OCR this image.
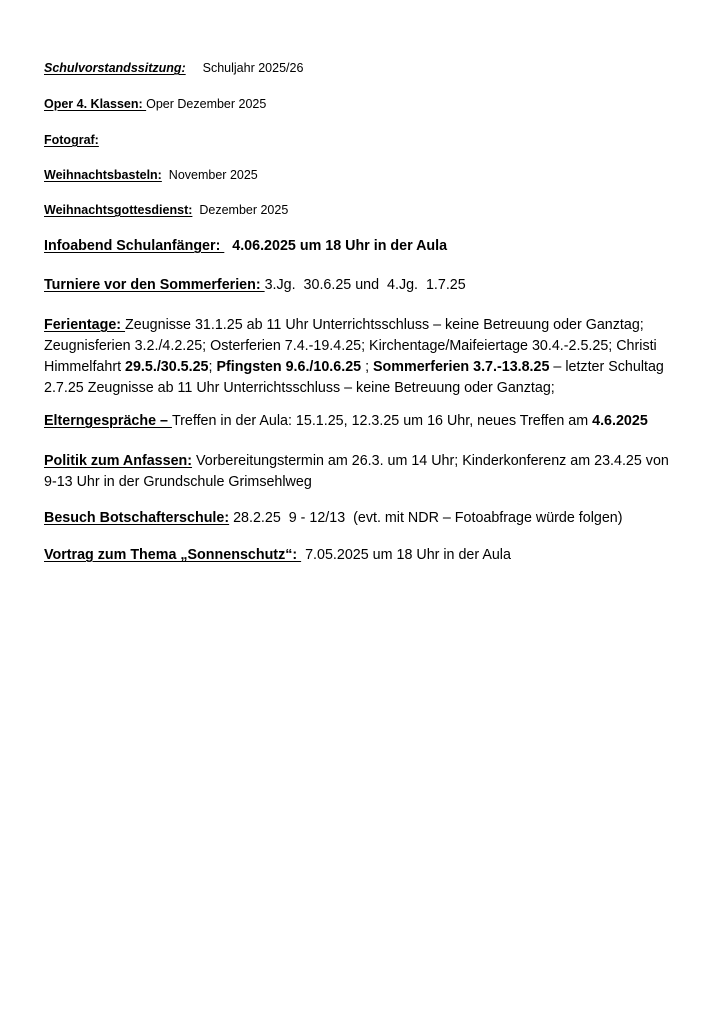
Schulvorstandssitzung: Schuljahr 2025/26
Oper 4. Klassen: Oper Dezember 2025
Fotograf:
Weihnachtsbasteln:  November 2025
Weihnachtsgottesdienst:  Dezember 2025
Infoabend Schulanfänger:   4.06.2025 um 18 Uhr in der Aula
Turniere vor den Sommerferien: 3.Jg.  30.6.25 und  4.Jg.  1.7.25
Ferientage: Zeugnisse 31.1.25 ab 11 Uhr Unterrichtsschluss – keine Betreuung oder Ganztag; Zeugnisferien 3.2./4.2.25; Osterferien 7.4.-19.4.25; Kirchentage/Maifeiertage 30.4.-2.5.25; Christi Himmelfahrt 29.5./30.5.25; Pfingsten 9.6./10.6.25 ; Sommerferien 3.7.-13.8.25 – letzter Schultag 2.7.25 Zeugnisse ab 11 Uhr Unterrichtsschluss – keine Betreuung oder Ganztag;
Elterngespräche – Treffen in der Aula: 15.1.25, 12.3.25 um 16 Uhr, neues Treffen am 4.6.2025
Politik zum Anfassen: Vorbereitungstermin am 26.3. um 14 Uhr; Kinderkonferenz am 23.4.25 von 9-13 Uhr in der Grundschule Grimsehlweg
Besuch Botschafterschule: 28.2.25  9 - 12/13  (evt. mit NDR – Fotoabfrage würde folgen)
Vortrag zum Thema „Sonnenschutz“:  7.05.2025 um 18 Uhr in der Aula
